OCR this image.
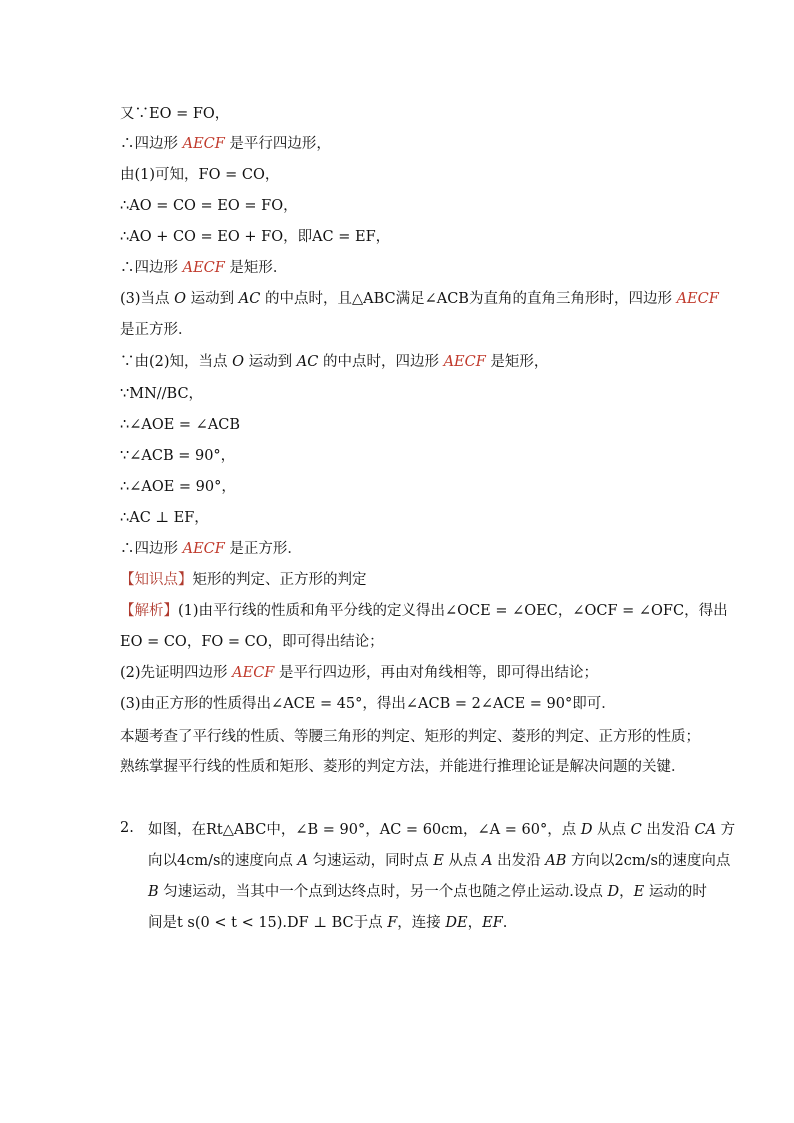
又∵EO = FO，
∴四边形 AECF 是平行四边形，
由(1)可知，FO = CO，
∴AO = CO = EO = FO，
∴AO + CO = EO + FO，即AC = EF，
∴四边形 AECF 是矩形．
(3)当点 O 运动到 AC 的中点时，且△ABC满足∠ACB为直角的直角三角形时，四边形 AECF
是正方形．
∵由(2)知，当点 O 运动到 AC 的中点时，四边形 AECF 是矩形，
∵MN//BC，
∴∠AOE = ∠ACB
∵∠ACB = 90°，
∴∠AOE = 90°，
∴AC ⊥ EF，
∴四边形 AECF 是正方形．
【知识点】矩形的判定、正方形的判定
【解析】(1)由平行线的性质和角平分线的定义得出∠OCE = ∠OEC，∠OCF = ∠OFC，得出
EO = CO，FO = CO，即可得出结论；
(2)先证明四边形 AECF 是平行四边形，再由对角线相等，即可得出结论；
(3)由正方形的性质得出∠ACE = 45°，得出∠ACB = 2∠ACE = 90°即可．
本题考查了平行线的性质、等腰三角形的判定、矩形的判定、菱形的判定、正方形的性质；
熟练掌握平行线的性质和矩形、菱形的判定方法，并能进行推理论证是解决问题的关键．
2. 如图，在Rt△ABC中，∠B = 90°，AC = 60cm，∠A = 60°，点 D 从点 C 出发沿 CA 方
向以4cm/s的速度向点 A 匀速运动，同时点 E 从点 A 出发沿 AB 方向以2cm/s的速度向点
B 匀速运动，当其中一个点到达终点时，另一个点也随之停止运动.设点 D，E 运动的时
间是t s(0 < t < 15).DF ⊥ BC于点 F，连接 DE，EF.
